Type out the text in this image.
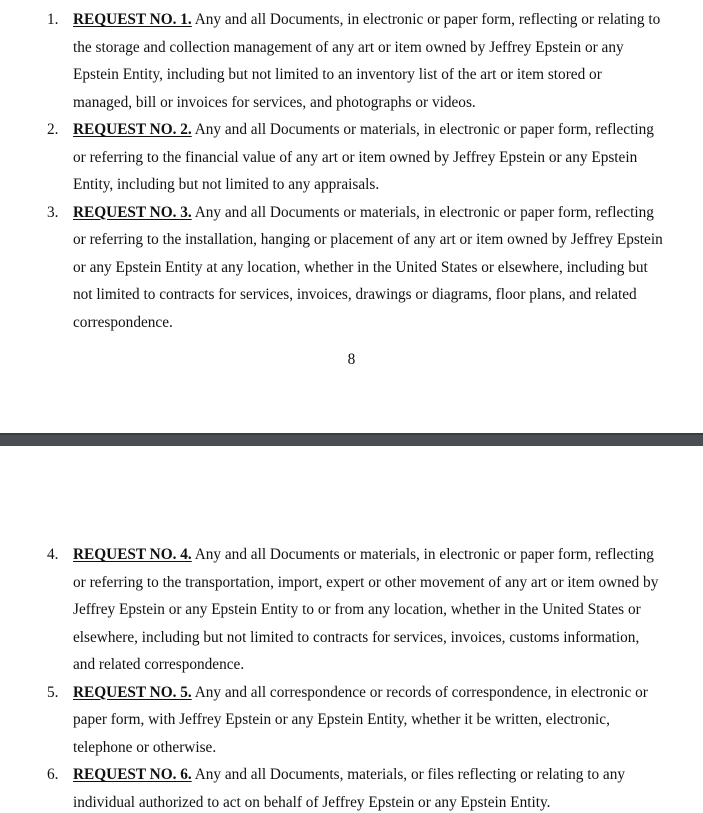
1. REQUEST NO. 1. Any and all Documents, in electronic or paper form, reflecting or relating to the storage and collection management of any art or item owned by Jeffrey Epstein or any Epstein Entity, including but not limited to an inventory list of the art or item stored or managed, bill or invoices for services, and photographs or videos.
2. REQUEST NO. 2. Any and all Documents or materials, in electronic or paper form, reflecting or referring to the financial value of any art or item owned by Jeffrey Epstein or any Epstein Entity, including but not limited to any appraisals.
3. REQUEST NO. 3. Any and all Documents or materials, in electronic or paper form, reflecting or referring to the installation, hanging or placement of any art or item owned by Jeffrey Epstein or any Epstein Entity at any location, whether in the United States or elsewhere, including but not limited to contracts for services, invoices, drawings or diagrams, floor plans, and related correspondence.
8
4. REQUEST NO. 4. Any and all Documents or materials, in electronic or paper form, reflecting or referring to the transportation, import, expert or other movement of any art or item owned by Jeffrey Epstein or any Epstein Entity to or from any location, whether in the United States or elsewhere, including but not limited to contracts for services, invoices, customs information, and related correspondence.
5. REQUEST NO. 5. Any and all correspondence or records of correspondence, in electronic or paper form, with Jeffrey Epstein or any Epstein Entity, whether it be written, electronic, telephone or otherwise.
6. REQUEST NO. 6. Any and all Documents, materials, or files reflecting or relating to any individual authorized to act on behalf of Jeffrey Epstein or any Epstein Entity.
